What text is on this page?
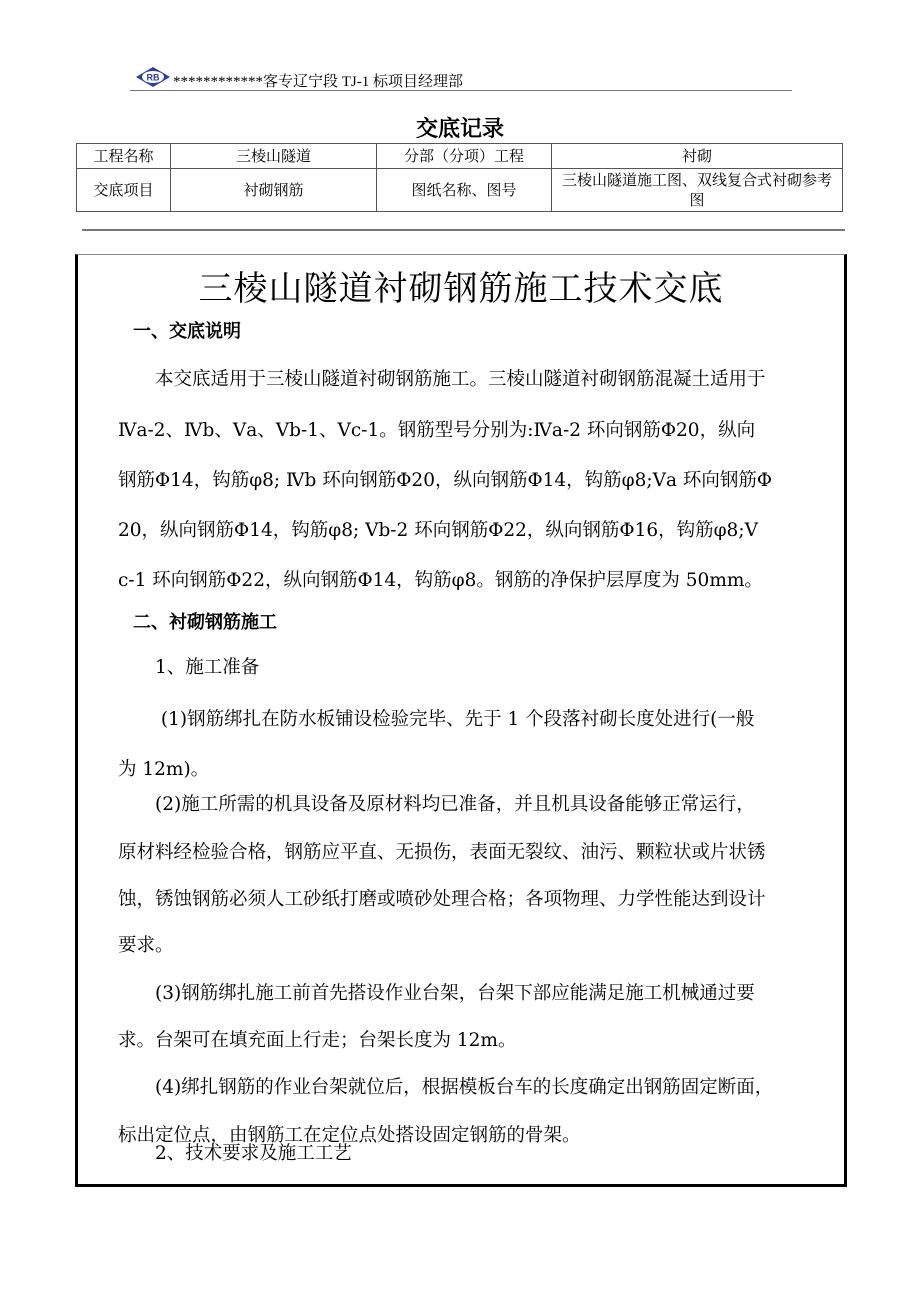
RB ************客专辽宁段 TJ-1 标项目经理部
交底记录
工程名称	三棱山隧道	分部（分项）工程	衬砌
交底项目	衬砌钢筋	图纸名称、图号	三棱山隧道施工图、双线复合式衬砌参考图
三棱山隧道衬砌钢筋施工技术交底
一、交底说明
　　本交底适用于三棱山隧道衬砌钢筋施工。三棱山隧道衬砌钢筋混凝土适用于
Ⅳa-2、Ⅳb、Ⅴa、Ⅴb-1、Ⅴc-1。钢筋型号分别为:Ⅳa-2 环向钢筋Φ20，纵向
钢筋Φ14，钩筋φ8; Ⅳb 环向钢筋Φ20，纵向钢筋Φ14，钩筋φ8;Ⅴa 环向钢筋Φ
20，纵向钢筋Φ14，钩筋φ8; Ⅴb-2 环向钢筋Φ22，纵向钢筋Φ16，钩筋φ8;Ⅴ
c-1 环向钢筋Φ22，纵向钢筋Φ14，钩筋φ8。钢筋的净保护层厚度为 50mm。
二、衬砌钢筋施工
　　1、施工准备
　　 (1)钢筋绑扎在防水板铺设检验完毕、先于 1 个段落衬砌长度处进行(一般
为 12m)。
　　(2)施工所需的机具设备及原材料均已准备，并且机具设备能够正常运行，
原材料经检验合格，钢筋应平直、无损伤，表面无裂纹、油污、颗粒状或片状锈
蚀，锈蚀钢筋必须人工砂纸打磨或喷砂处理合格；各项物理、力学性能达到设计
要求。
　　(3)钢筋绑扎施工前首先搭设作业台架，台架下部应能满足施工机械通过要
求。台架可在填充面上行走；台架长度为 12m。
　　(4)绑扎钢筋的作业台架就位后，根据模板台车的长度确定出钢筋固定断面，
标出定位点，由钢筋工在定位点处搭设固定钢筋的骨架。
　　2、技术要求及施工工艺
